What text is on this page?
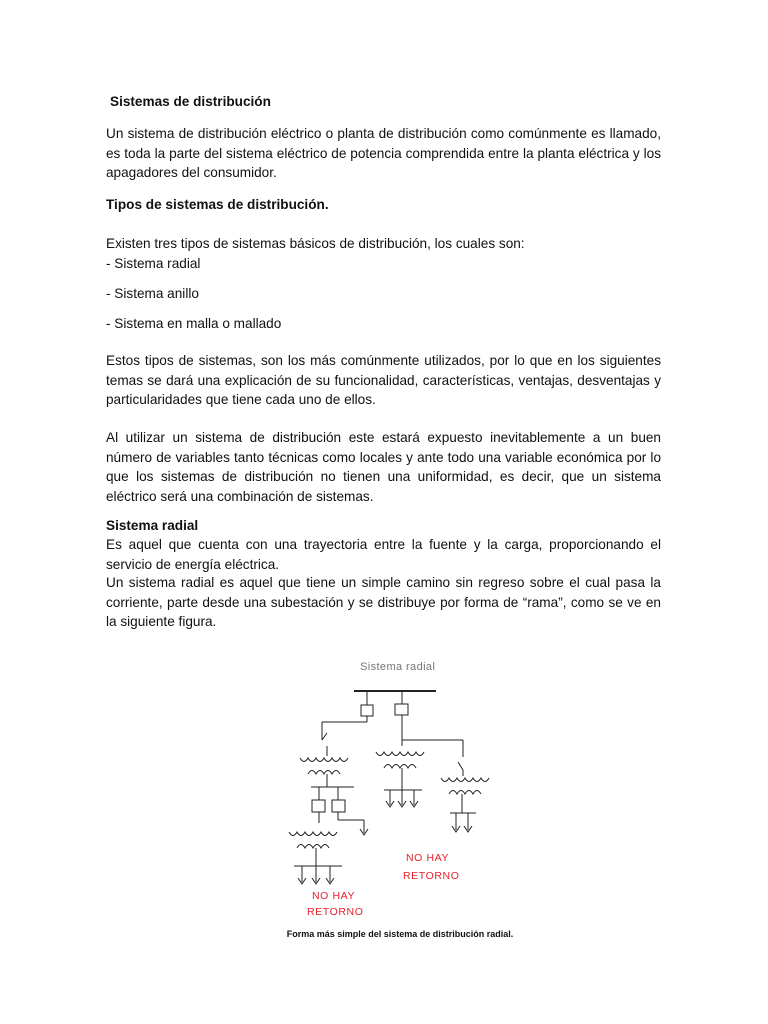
Sistemas de distribución

Un sistema de distribución eléctrico o planta de distribución como comúnmente es llamado, es toda la parte del sistema eléctrico de potencia comprendida entre la planta eléctrica y los apagadores del consumidor.

Tipos de sistemas de distribución.

Existen tres tipos de sistemas básicos de distribución, los cuales son:

- Sistema radial

- Sistema anillo

- Sistema en malla o mallado

Estos tipos de sistemas, son los más comúnmente utilizados, por lo que en los siguientes temas se dará una explicación de su funcionalidad, características, ventajas, desventajas y particularidades que tiene cada uno de ellos.

Al utilizar un sistema de distribución este estará expuesto inevitablemente a un buen número de variables tanto técnicas como locales y ante todo una variable económica por lo que los sistemas de distribución no tienen una uniformidad, es decir, que un sistema eléctrico será una combinación de sistemas.

Sistema radial

Es aquel que cuenta con una trayectoria entre la fuente y la carga, proporcionando el servicio de energía eléctrica.

Un sistema radial es aquel que tiene un simple camino sin regreso sobre el cual pasa la corriente, parte desde una subestación y se distribuye por forma de “rama”, como se ve en la siguiente figura.

Sistema radial
NO HAY
RETORNO
NO HAY
RETORNO

Forma más simple del sistema de distribución radial.
